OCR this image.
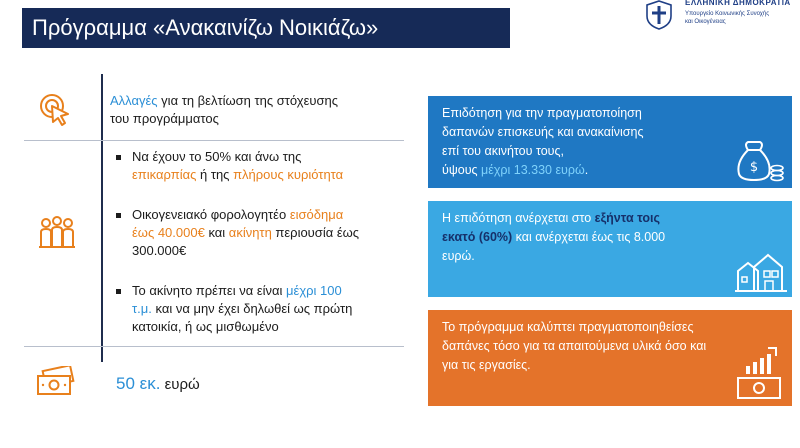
Πρόγραμμα «Ανακαινίζω Νοικιάζω»
ΕΛΛΗΝΙΚΗ ΔΗΜΟΚΡΑΤΙΑ
Υπουργείο Κοινωνικής Συνοχής
και Οικογένειας
Αλλαγές για τη βελτίωση της στόχευσης
του προγράμματος
Να έχουν το 50% και άνω της
επικαρπίας ή της πλήρους κυριότητα
Οικογενειακό φορολογητέο εισόδημα
έως 40.000€ και ακίνητη περιουσία έως
300.000€
Το ακίνητο πρέπει να είναι μέχρι 100
τ.μ. και να μην έχει δηλωθεί ως πρώτη
κατοικία, ή ως μισθωμένο
50 εκ. ευρώ
Επιδότηση για την πραγματοποίηση
δαπανών επισκευής και ανακαίνισης
επί του ακινήτου τους,
ύψους μέχρι 13.330 ευρώ.	$
Η επιδότηση ανέρχεται στο εξήντα τοις
εκατό (60%) και ανέρχεται έως τις 8.000
ευρώ.
Το πρόγραμμα καλύπτει πραγματοποιηθείσες
δαπάνες τόσο για τα απαιτούμενα υλικά όσο και
για τις εργασίες.
